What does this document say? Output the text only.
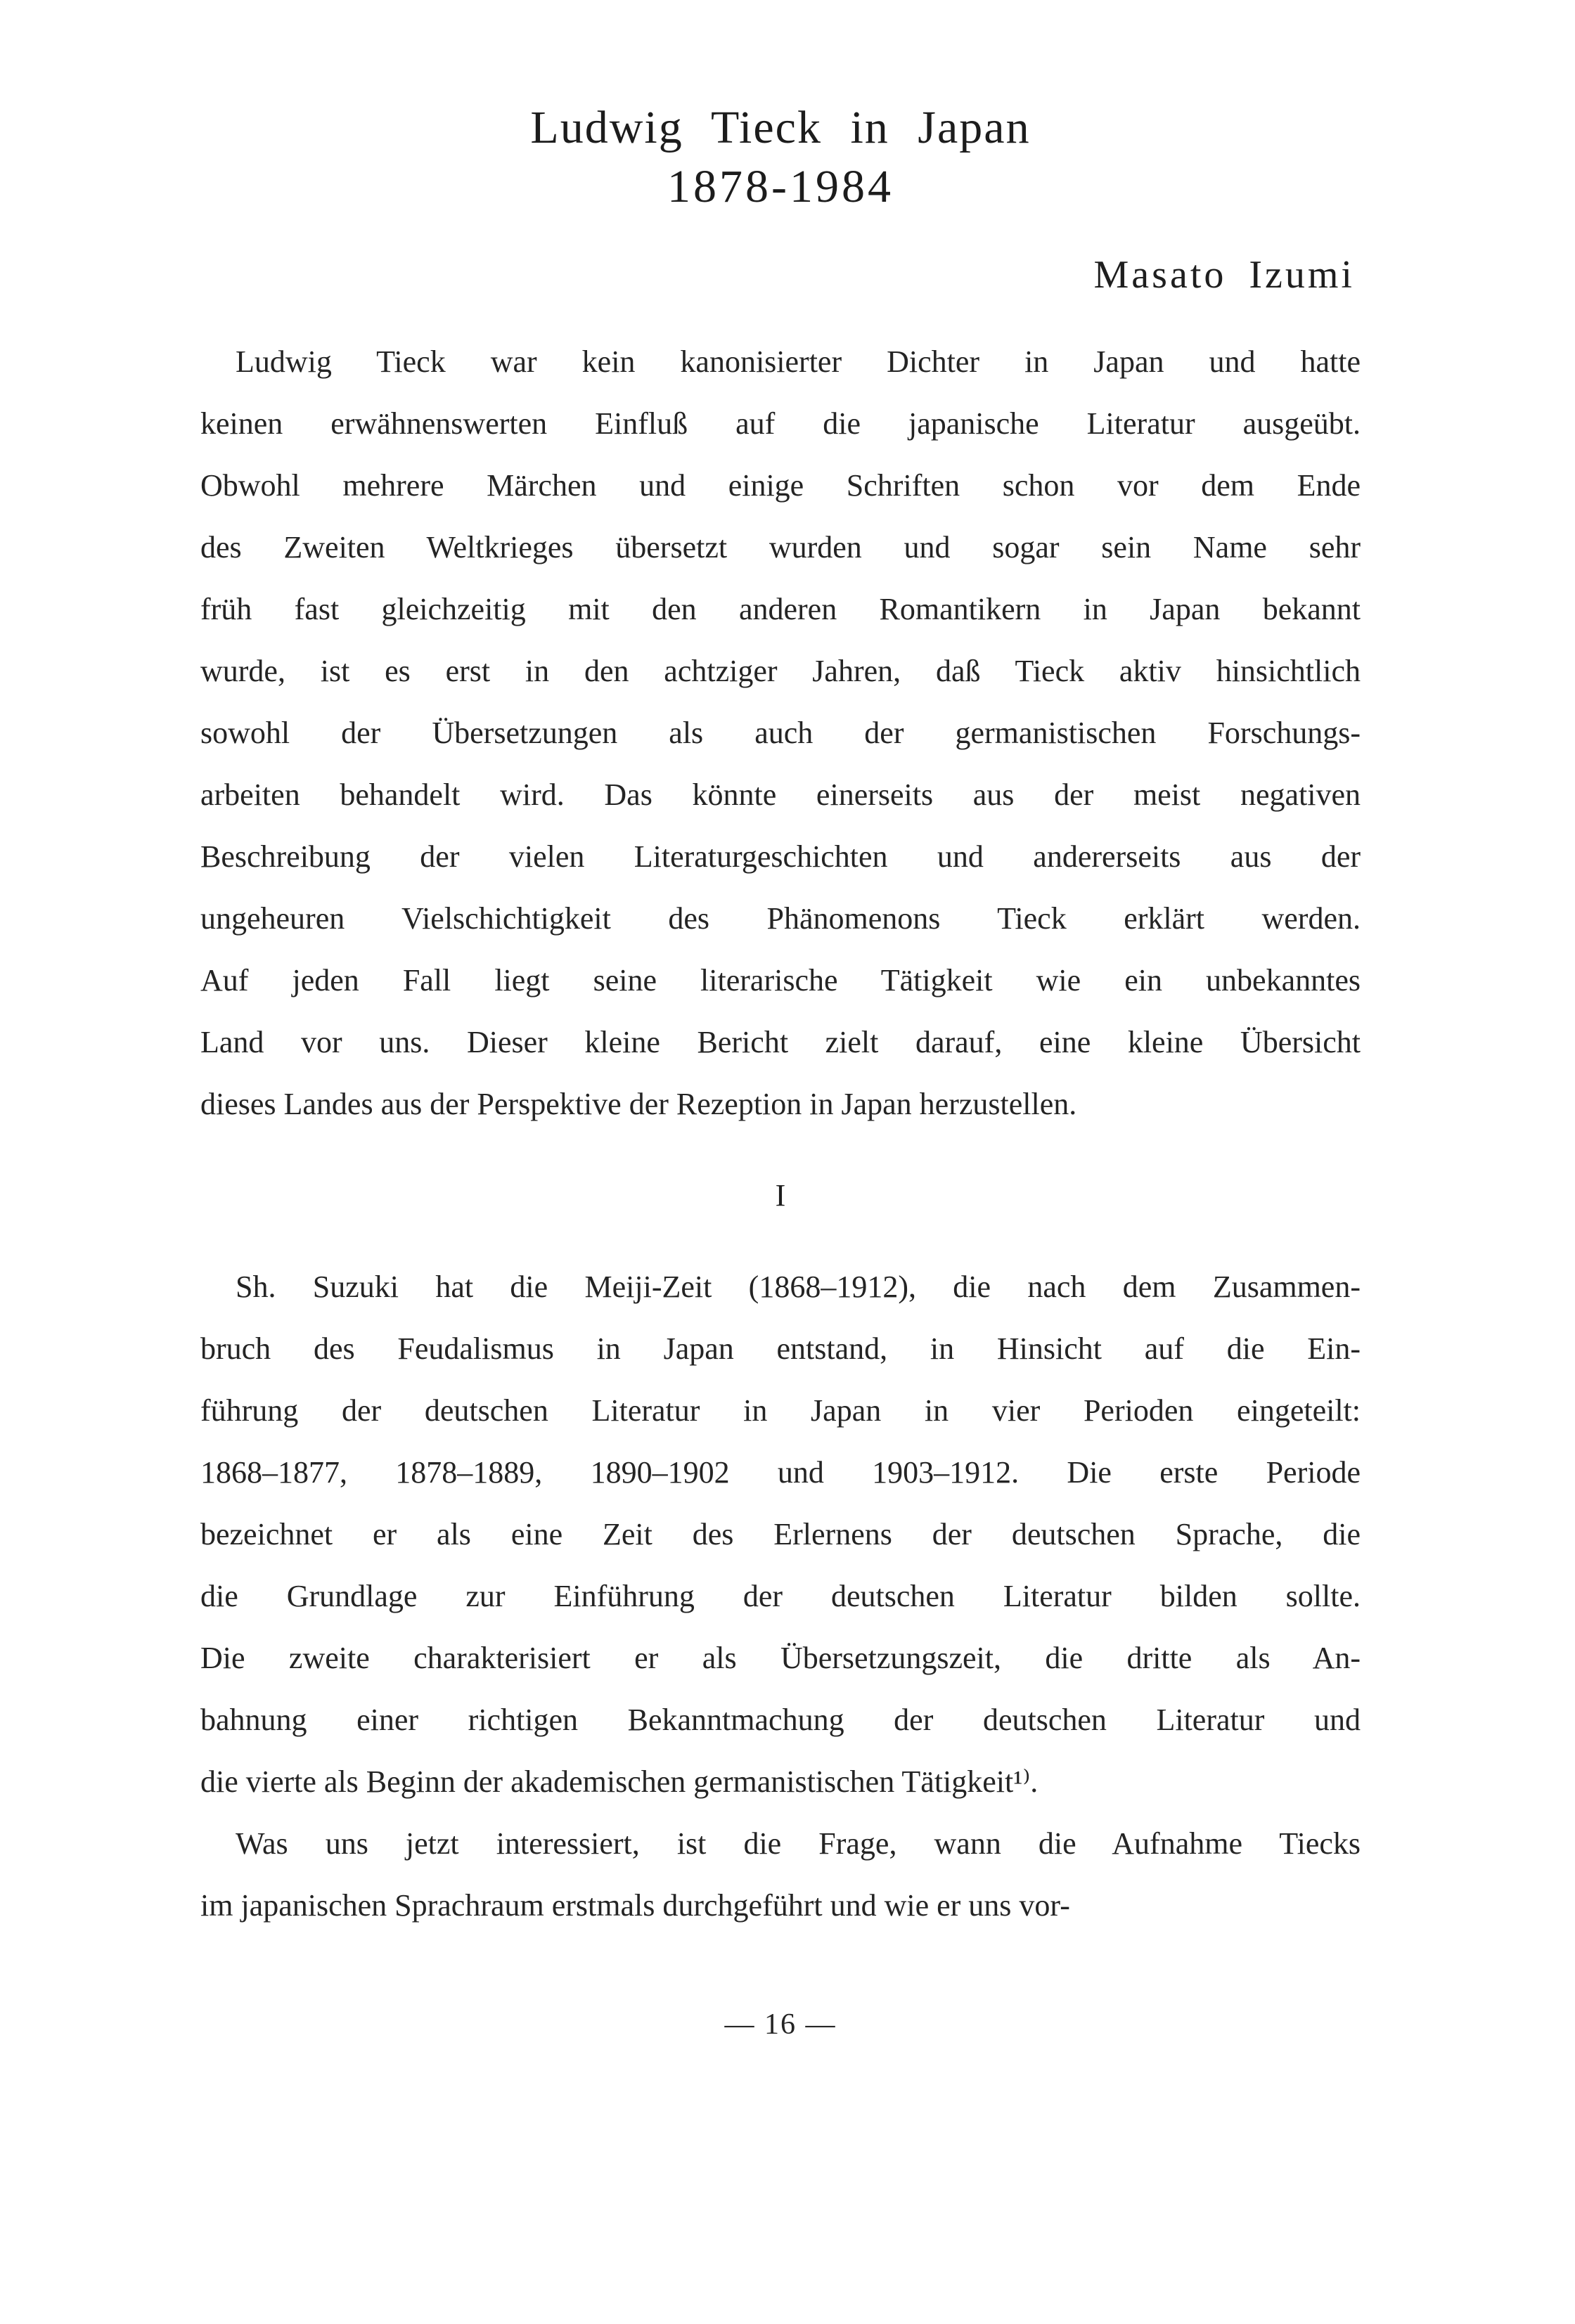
Ludwig Tieck in Japan
1878-1984
Masato Izumi
Ludwig Tieck war kein kanonisierter Dichter in Japan und hatte
keinen erwähnenswerten Einfluß auf die japanische Literatur ausgeübt.
Obwohl mehrere Märchen und einige Schriften schon vor dem Ende
des Zweiten Weltkrieges übersetzt wurden und sogar sein Name sehr
früh fast gleichzeitig mit den anderen Romantikern in Japan bekannt
wurde, ist es erst in den achtziger Jahren, daß Tieck aktiv hinsichtlich
sowohl der Übersetzungen als auch der germanistischen Forschungs-
arbeiten behandelt wird. Das könnte einerseits aus der meist negativen
Beschreibung der vielen Literaturgeschichten und andererseits aus der
ungeheuren Vielschichtigkeit des Phänomenons Tieck erklärt werden.
Auf jeden Fall liegt seine literarische Tätigkeit wie ein unbekanntes
Land vor uns. Dieser kleine Bericht zielt darauf, eine kleine Übersicht
dieses Landes aus der Perspektive der Rezeption in Japan herzustellen.
I
Sh. Suzuki hat die Meiji-Zeit (1868–1912), die nach dem Zusammen-
bruch des Feudalismus in Japan entstand, in Hinsicht auf die Ein-
führung der deutschen Literatur in Japan in vier Perioden eingeteilt:
1868–1877, 1878–1889, 1890–1902 und 1903–1912. Die erste Periode
bezeichnet er als eine Zeit des Erlernens der deutschen Sprache, die
die Grundlage zur Einführung der deutschen Literatur bilden sollte.
Die zweite charakterisiert er als Übersetzungszeit, die dritte als An-
bahnung einer richtigen Bekanntmachung der deutschen Literatur und
die vierte als Beginn der akademischen germanistischen Tätigkeit¹⁾.
Was uns jetzt interessiert, ist die Frage, wann die Aufnahme Tiecks
im japanischen Sprachraum erstmals durchgeführt und wie er uns vor-
— 16 —
